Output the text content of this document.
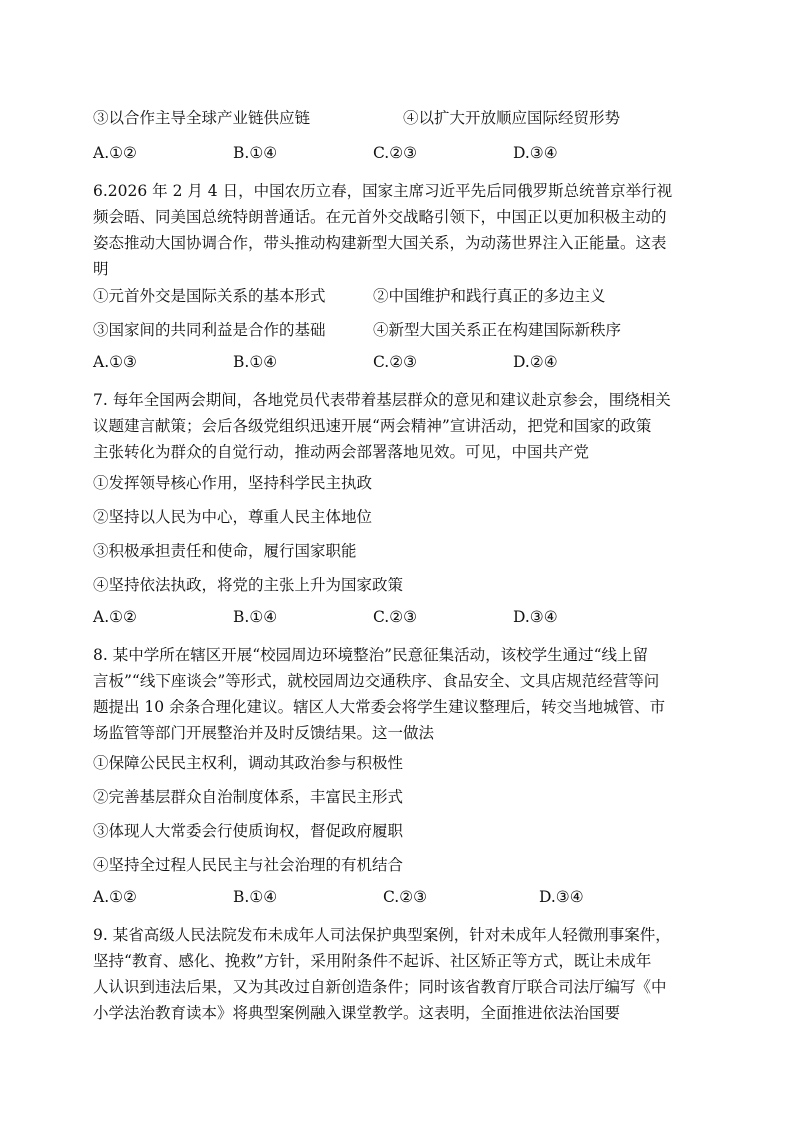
③以合作主导全球产业链供应链	④以扩大开放顺应国际经贸形势
A.①②	B.①④	C.②③	D.③④
6.2026 年 2 月 4 日，中国农历立春，国家主席习近平先后同俄罗斯总统普京举行视
频会晤、同美国总统特朗普通话。在元首外交战略引领下，中国正以更加积极主动的
姿态推动大国协调合作，带头推动构建新型大国关系，为动荡世界注入正能量。这表
明
①元首外交是国际关系的基本形式	②中国维护和践行真正的多边主义
③国家间的共同利益是合作的基础	④新型大国关系正在构建国际新秩序
A.①③	B.①④	C.②③	D.②④
7. 每年全国两会期间，各地党员代表带着基层群众的意见和建议赴京参会，围绕相关
议题建言献策；会后各级党组织迅速开展“两会精神”宣讲活动，把党和国家的政策
主张转化为群众的自觉行动，推动两会部署落地见效。可见，中国共产党
①发挥领导核心作用，坚持科学民主执政
②坚持以人民为中心，尊重人民主体地位
③积极承担责任和使命，履行国家职能
④坚持依法执政，将党的主张上升为国家政策
A.①②	B.①④	C.②③	D.③④
8. 某中学所在辖区开展“校园周边环境整治”民意征集活动，该校学生通过“线上留
言板”“线下座谈会”等形式，就校园周边交通秩序、食品安全、文具店规范经营等问
题提出 10 余条合理化建议。辖区人大常委会将学生建议整理后，转交当地城管、市
场监管等部门开展整治并及时反馈结果。这一做法
①保障公民民主权利，调动其政治参与积极性
②完善基层群众自治制度体系，丰富民主形式
③体现人大常委会行使质询权，督促政府履职
④坚持全过程人民民主与社会治理的有机结合
A.①②	B.①④	C.②③	D.③④
9. 某省高级人民法院发布未成年人司法保护典型案例，针对未成年人轻微刑事案件，
坚持“教育、感化、挽救”方针，采用附条件不起诉、社区矫正等方式，既让未成年
人认识到违法后果，又为其改过自新创造条件；同时该省教育厅联合司法厅编写《中
小学法治教育读本》将典型案例融入课堂教学。这表明，全面推进依法治国要
